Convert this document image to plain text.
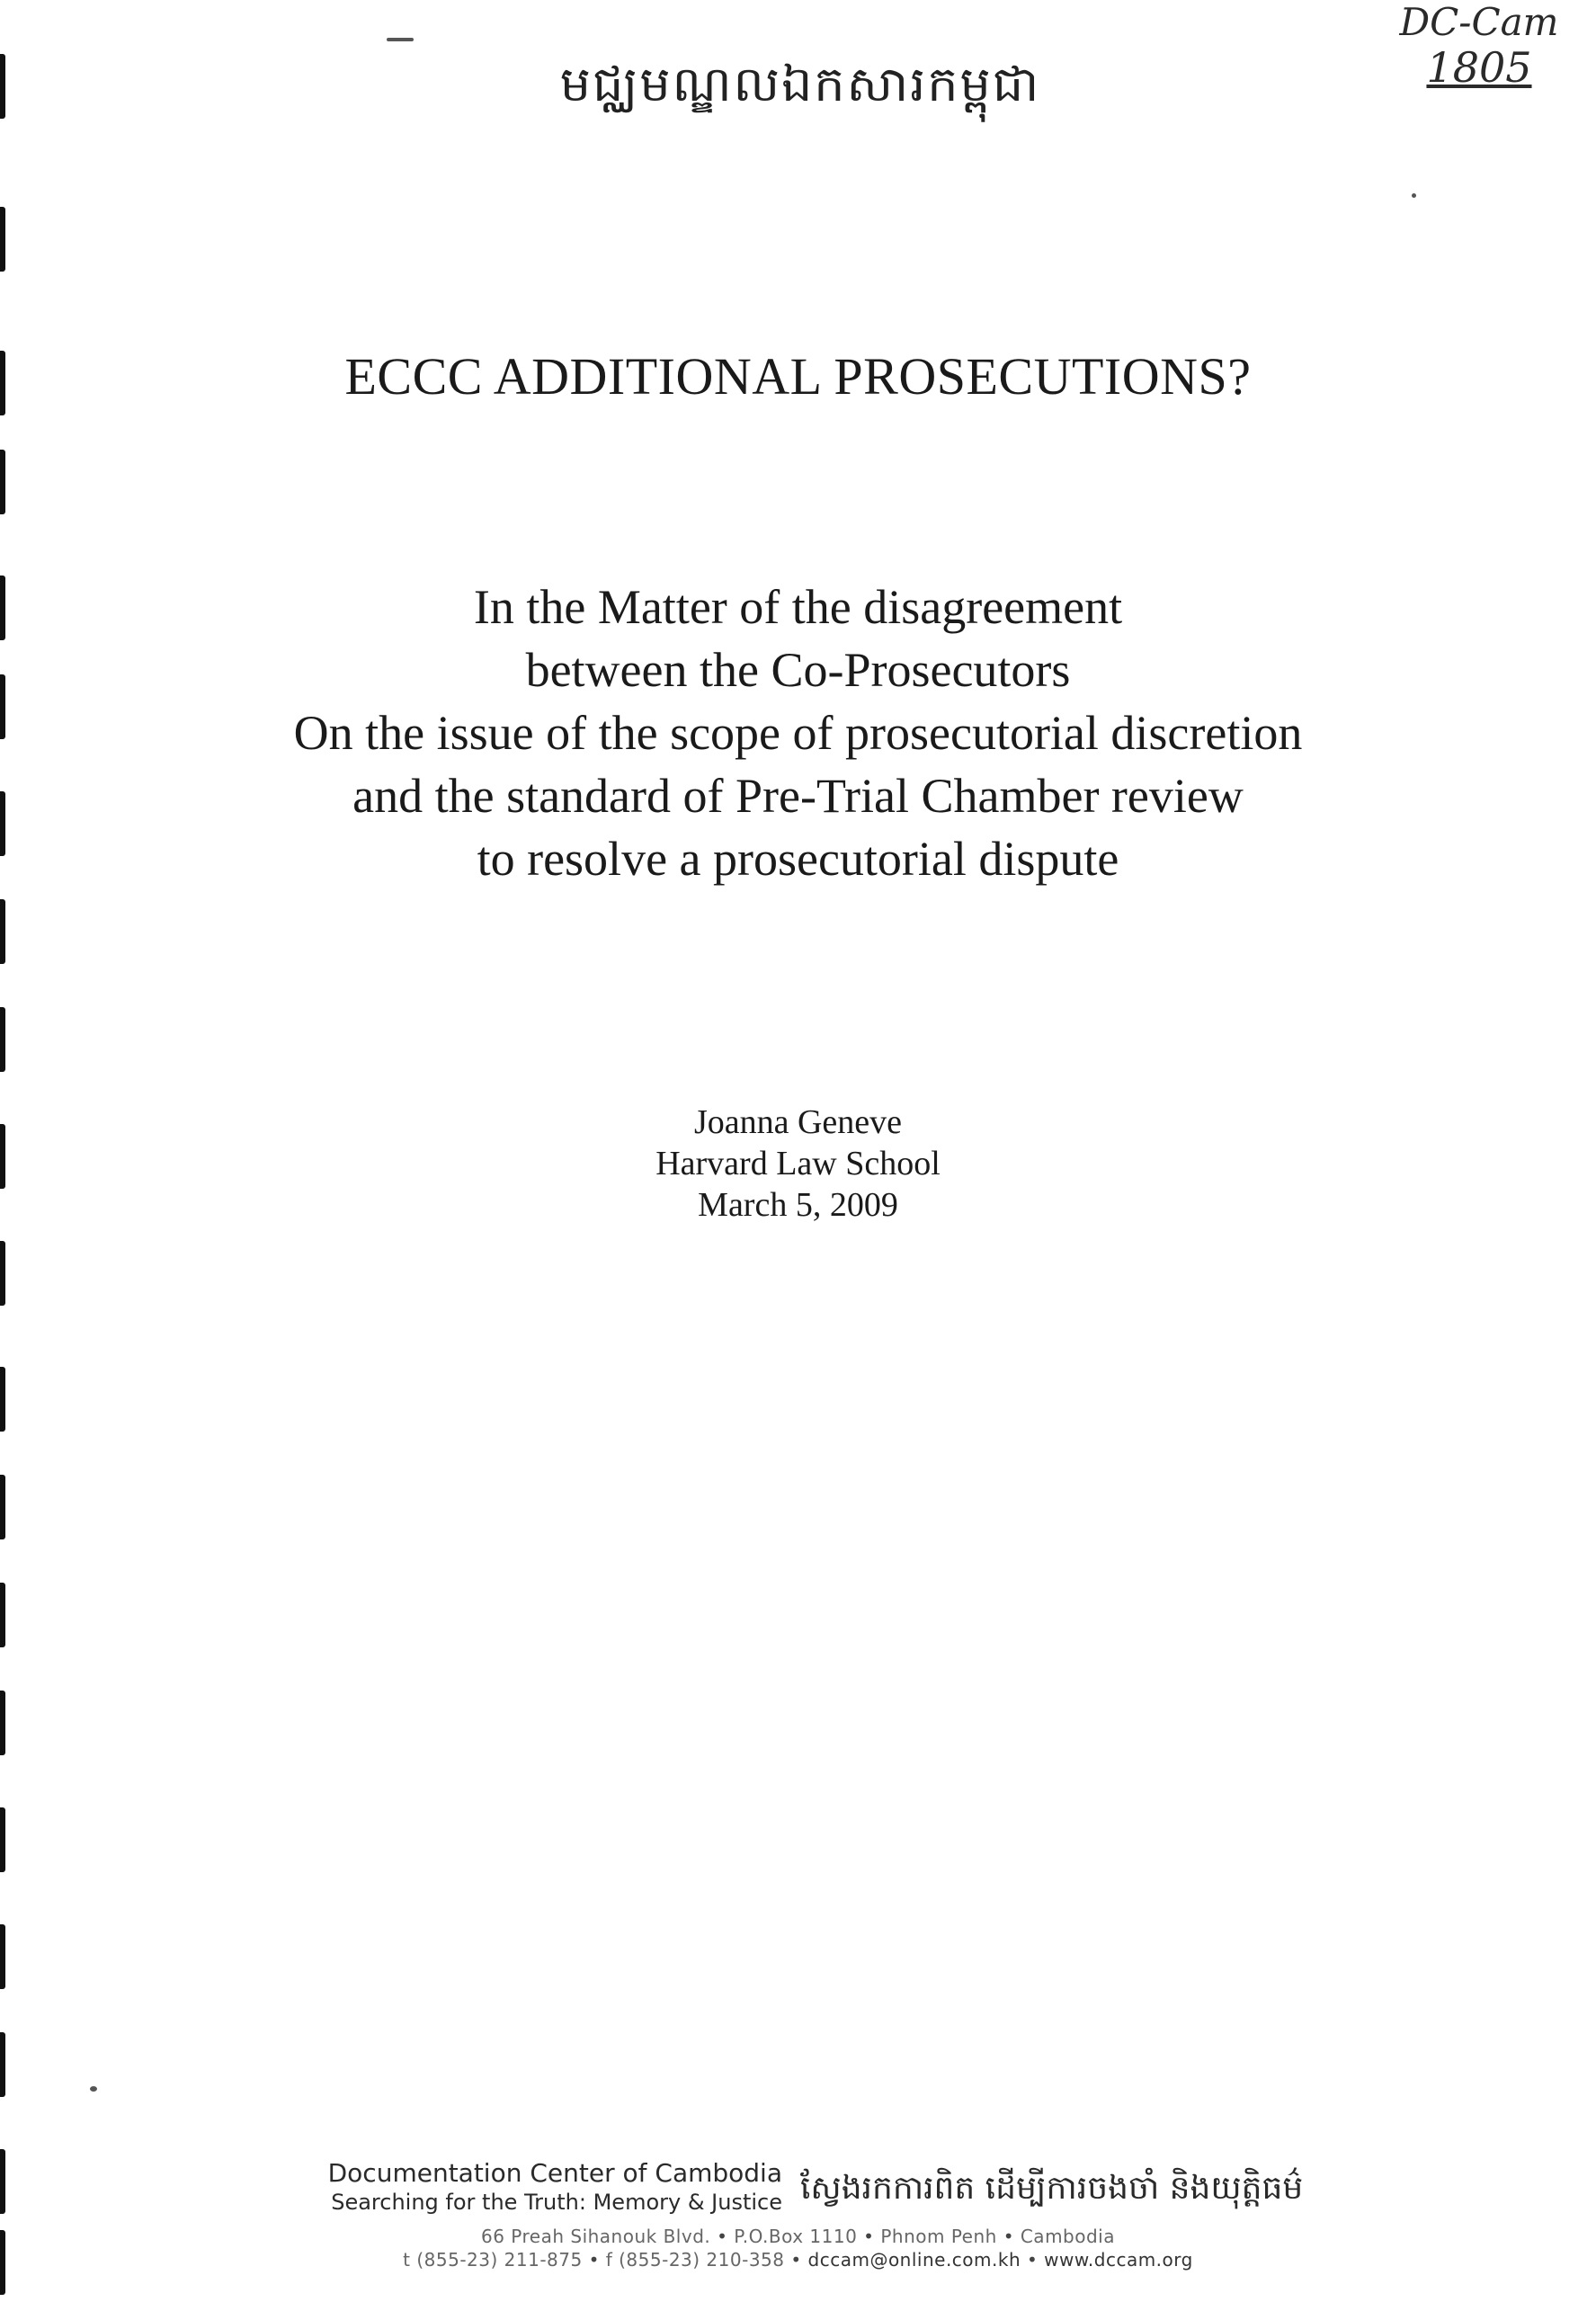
មជ្ឈមណ្ឌលឯកសារកម្ពុជា
DC-Cam
1805
ECCC ADDITIONAL PROSECUTIONS?
In the Matter of the disagreement
between the Co-Prosecutors
On the issue of the scope of prosecutorial discretion
and the standard of Pre-Trial Chamber review
to resolve a prosecutorial dispute
Joanna Geneve
Harvard Law School
March 5, 2009
Documentation Center of Cambodia
Searching for the Truth: Memory & Justice ស្វែងរកការពិត ដើម្បីការចងចាំ និងយុត្តិធម៌
66 Preah Sihanouk Blvd. • P.O.Box 1110 • Phnom Penh • Cambodia
t (855-23) 211-875 • f (855-23) 210-358 • dccam@online.com.kh • www.dccam.org
